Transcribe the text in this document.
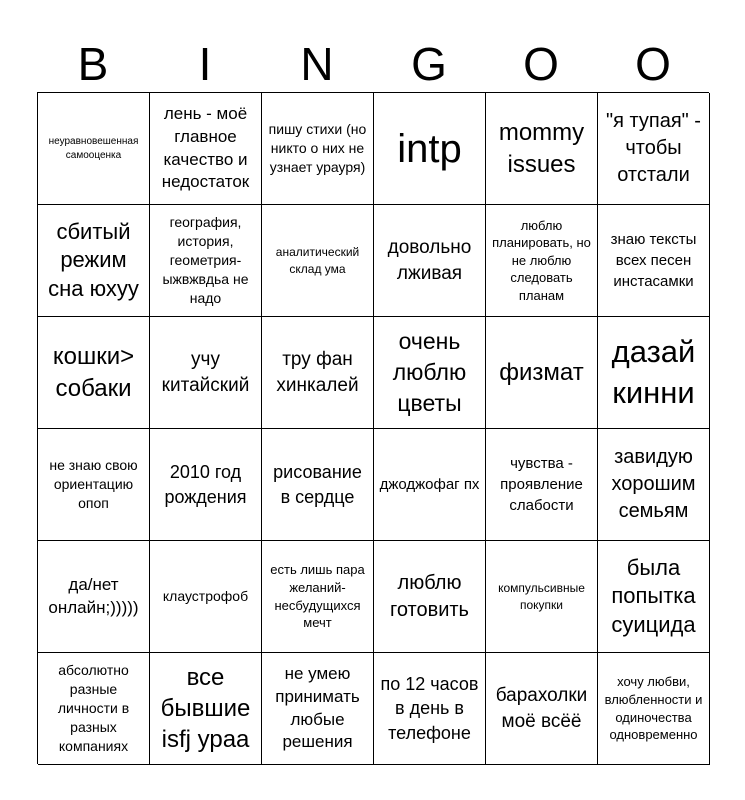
B	I	N	G	O	O
неуравновешенная самооценка
лень - моё главное качество и недостаток
пишу стихи (но никто о них не узнает урауря) intp	mommy issues
"я тупая" - чтобы отстали
сбитый режим сна юхуу
география, история, геометрия-ыжвжвдьа не надо
аналитический склад ума
довольно лживая
люблю планировать, но не люблю следовать планам
знаю тексты всех песен инстасамки
кошки> собаки
учу китайский
тру фан хинкалей
очень люблю цветы
физмат
дазай кинни
не знаю свою ориентацию опоп
2010 год рождения
рисование в сердце
джоджофаг пх
чувства - проявление слабости
завидую хорошим семьям
да/нет онлайн;)))))
клаустрофоб
есть лишь пара желаний-несбудущихся мечт
люблю готовить
компульсивные покупки
была попытка суицида
абсолютно разные личности в разных компаниях
все бывшие isfj ураа
не умею принимать любые решения
по 12 часов в день в телефоне
барахолки моё всёё
хочу любви, влюбленности и одиночества одновременно
